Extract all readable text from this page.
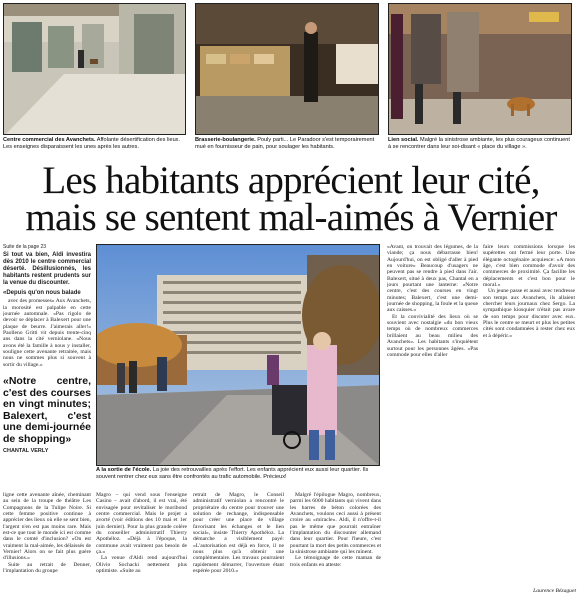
Centre commercial des Avanchets. Affolante désertification des lieux. Les enseignes disparaissent les unes après les autres.
Brasserie-boulangerie. Pouly parti... Le Paradoor s'est temporairement mué en fournisseur de pain, pour soulager les habitants.
Lien social. Malgré la sinistrose ambiante, les plus courageux continuent à se rencontrer dans leur soi-disant « place du village ».
Les habitants apprécient leur cité,
mais se sentent mal-aimés à Vernier
Suite de la page 23
Si tout va bien, Aldi investira dès 2010 le centre commercial déserté. Désillusionnés, les habitants restent prudents sur la venue du discounter.
«Depuis qu'on nous balade

avec des promesses» Aux Avanchets, la morosité est palpable en cette journée automnale. «Pas rigolo de devoir se déplacer à Balexert pour une plaque de beurre. J'aimerais aller!» Paolleno Gritti vit depuis trente-cinq ans dans la cité verniolane. «Nous avons été la famille à nous y installer, souligne cette avenante retraitée, mais nous ne sommes plus si souvent à sortir du village.»

«Notre centre, c'est des courses en vingt minutes; Balexert, c'est une demi-journée de shopping»
CHANTAL VERLY
A la sortie de l'école. La joie des retrouvailles après l'effort. Les enfants apprécient eux aussi leur quartier. Ils souvent rentrer chez eux sans être confrontés au trafic automobile. Précieux!

ligne cette avenante aînée, cheminant au sein de la troupe de théâtre Les Compagnons de la Tulipe Noire. Si cette femme positive continue à apprécier des lieux où elle se sent bien, l'argent n'en est pas moins rare. Mais est-ce que tout le monde ici est comme dans le comté d'inclusion? «On est vraiment la mal-aimée, les délaissés de Vernier! Alors on se fait plus guère d'illusions.»

Suite au retrait de Denner, l'implantation du groupe

Magro – qui vend sous l'enseigne Casino – avait d'abord, il est vrai, été envisagée pour revitaliser le moribond centre commercial. Mais le projet a avorté (voir éditions des 10 mai et 1er juin dernier). Pour la plus grande colère du conseiller administratif Thierry Apothéloz. «Déjà à l'époque, la commune avait vraiment pas besoin de ça.»

La venue d'Aldi rend aujourd'hui Olivio Sochacki nettement plus optimiste. «Suite au

retrait de Magro, le Conseil administratif verniolan a rencontré le propriétaire du centre pour trouver une solution de rechange, indispensable pour créer une place de village favorisant les échanges et le lien social», insiste Thierry Apothéloz. La démarche a visiblement payé: «L'autorisation est déjà en force, il ne nous plus qu'à obtenir une complémentaire. Les travaux pourraient rapidement démarrer, l'ouverture étant espérée pour 2010.»

Malgré l'épilogue Magro, nombreux, parmi les 6000 habitants qui vivent dans les barres de béton colorées des Avanchets, voulons ceci aussi à présent croire au «miracle». Aldi, il n'offre-t-il pas le même que pourrait entraîner l'implantation du discounter allemand dans leur quartier. Pour l'heure, c'est pourtant la mort des petits commerces et la sinistrose ambiante qui les minent.

Le témoignage de cette maman de trois enfants en atteste:

«Avant, on trouvait des légumes, de la viande; ça nous débarrasse bien! Aujourd'hui, on est obligé d'aller à pied en voiture» Beaucoup d'usagers ne peuvent pas se rendre à pied dans l'air. Balexert, situé à deux pas, Chantal en a jours pourtant une lanterne: «Notre centre, c'est des courses en vingt minutes; Balexert, c'est une demi-journée de shopping, la foule et la queue aux caisses.»

Et la convivialité des lieux où se souvient avec nostalgie «du bon vieux temps où de nombreux commerces brillaient au beau milieu des Avanchets». Les habitants s'inquiètent surtout pour les personnes âgées. «Pas commode pour elles d'aller

faire leurs commissions lorsque les supérettes ont fermé leur porte. Une élégante octogénaire acquiesce: «A mon âge, c'est bien commode d'avoir des commerces de proximité. Ça facilite les déplacements et c'est bon pour le moral.»

Un jeune passe et aussi avec tendresse son temps aux Avanchets, ils allaient chercher leurs journaux chez Sergo. La sympathique kiosquier n'était pas avare de son temps pour discuter avec eux. Plus le centre se meurt et plus les petites cités sont condamnées à rester chez eux et à dépérir.»

Laurence Bézaguet
